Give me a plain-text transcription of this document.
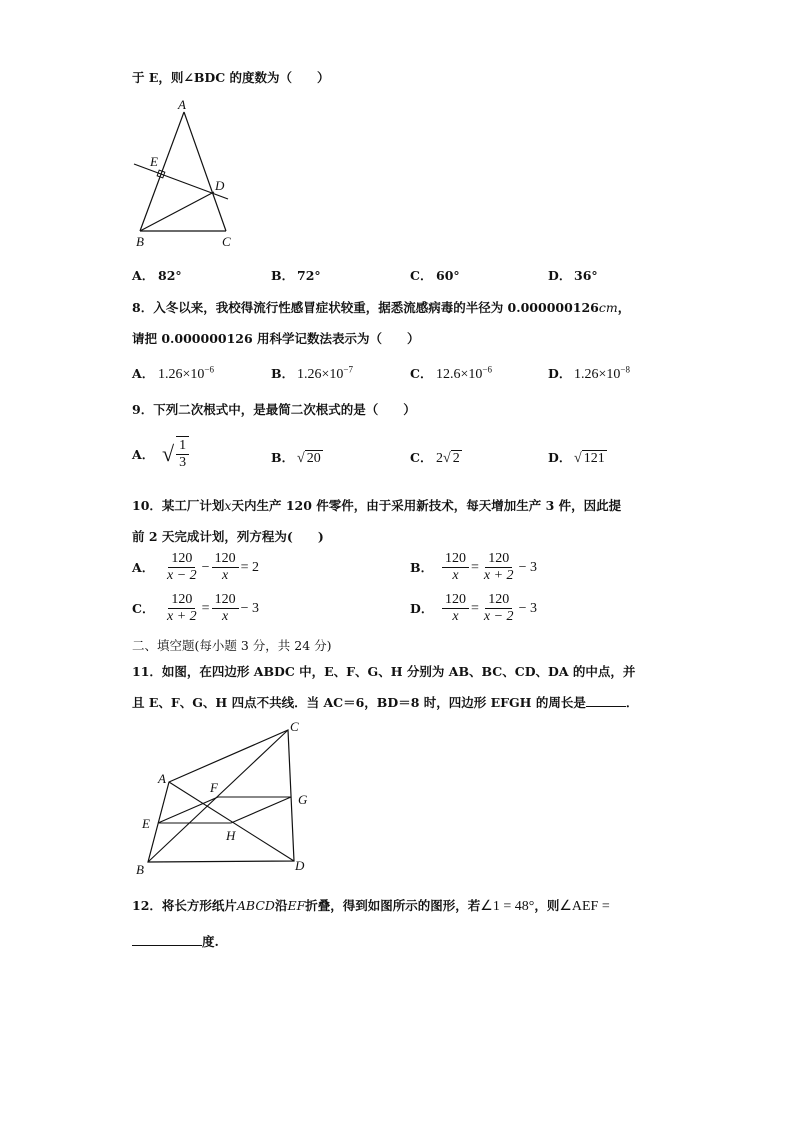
于 E，则∠BDC 的度数为（　　）
A
E
D
B	C
A． 82°	B． 72°	C． 60°	D． 36°
8．入冬以来，我校得流行性感冒症状较重，据悉流感病毒的半径为 0.000000126cm，
请把 0.000000126 用科学记数法表示为（　　）
A． $1.26\times 10^{-6}$	B． $1.26\times 10^{-7}$	C． $12.6\times 10^{-6}$	D． $1.26\times 10^{-8}$
9．下列二次根式中，是最简二次根式的是（　　）
A． √ $\frac{1}{3}$	B． √ 20	C． 2 √ 2	D． √ 121
10．某工厂计划x天内生产 120 件零件，由于采用新技术，每天增加生产 3 件，因此提
前 2 天完成计划，列方程为(　　)
A． $\frac{120}{x - 2} - \frac{120}{x} = 2$	B． $\frac{120}{x} = \frac{120}{x + 2} - 3$
C． $\frac{120}{x + 2} = \frac{120}{x} - 3$	D． $\frac{120}{x} = \frac{120}{x - 2} - 3$
二、填空题(每小题 3 分，共 24 分)
11．如图，在四边形 ABDC 中，E、F、G、H 分别为 AB、BC、CD、DA 的中点，并
且 E、F、G、H 四点不共线．当 AC＝6，BD＝8 时，四边形 EFGH 的周长是	．
C
A
F
G
E
H
B	D
12．将长方形纸片ABCD沿EF折叠，得到如图所示的图形，若∠1 = 48°，则∠AEF =
度.
